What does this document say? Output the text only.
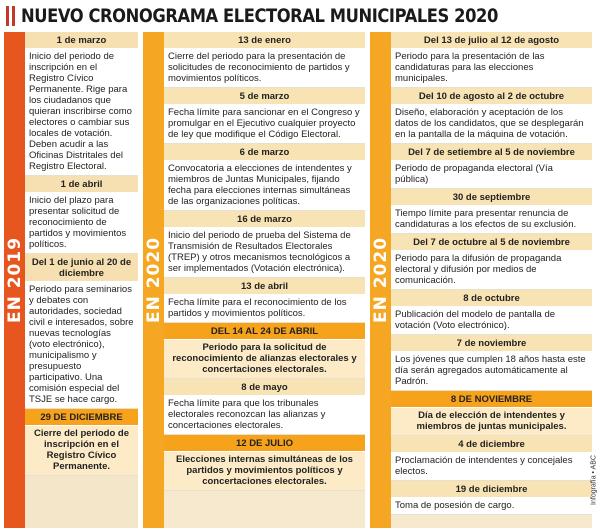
NUEVO CRONOGRAMA ELECTORAL MUNICIPALES 2020
EN 2019
1 de marzo
Inicio del periodo de inscripción en el Registro Cívico Permanente. Rige para los ciudadanos que quieran inscribirse como electores o cambiar sus locales de votación. Deben acudir a las Oficinas Distritales del Registro Electoral.
1 de abril
Inicio del plazo para presentar solicitud de reconocimiento de partidos y movimientos políticos.
Del 1 de junio al 20 de diciembre
Periodo para seminarios y debates con autoridades, sociedad civil e interesados, sobre nuevas tecnologías (voto electrónico), municipalismo y presupuesto participativo. Una comisión especial del TSJE se hace cargo.
29 DE DICIEMBRE
Cierre del periodo de inscripción en el Registro Cívico Permanente.
EN 2020
13 de enero
Cierre del periodo para la presentación de solicitudes de reconocimiento de partidos y movimientos políticos.
5 de marzo
Fecha límite para sancionar en el Congreso y promulgar en el Ejecutivo cualquier proyecto de ley que modifique el Código Electoral.
6 de marzo
Convocatoria a elecciones de intendentes y miembros de Juntas Municipales, fijando fecha para elecciones internas simultáneas de las organizaciones políticas.
16 de marzo
Inicio del periodo de prueba del Sistema de Transmisión de Resultados Electorales (TREP) y otros mecanismos tecnológicos a ser implementados (Votación electrónica).
13 de abril
Fecha límite para el reconocimiento de los partidos y movimientos políticos.
DEL 14 AL 24 DE ABRIL
Periodo para la solicitud de reconocimiento de alianzas electorales y concertaciones electorales.
8 de mayo
Fecha límite para que los tribunales electorales reconozcan las alianzas y concertaciones electorales.
12 DE JULIO
Elecciones internas simultáneas de los partidos y movimientos políticos y concertaciones electorales.
EN 2020
Del 13 de julio al 12 de agosto
Periodo para la presentación de las candidaturas para las elecciones municipales.
Del 10 de agosto al 2 de octubre
Diseño, elaboración y aceptación de los datos de los candidatos, que se desplegarán en la pantalla de la máquina de votación.
Del 7 de setiembre al 5 de noviembre
Periodo de propaganda electoral (Vía pública)
30 de septiembre
Tiempo límite para presentar renuncia de candidaturas a los efectos de su exclusión.
Del 7 de octubre al 5 de noviembre
Periodo para la difusión de propaganda electoral y difusión por medios de comunicación.
8 de octubre
Publicación del modelo de pantalla de votación (Voto electrónico).
7 de noviembre
Los jóvenes que cumplen 18 años hasta este día serán agregados automáticamente al Padrón.
8 DE NOVIEMBRE
Día de elección de intendentes y miembros de juntas municipales.
4 de diciembre
Proclamación de intendentes y concejales electos.
19 de diciembre
Toma de posesión de cargo.
Infografía • ABC
